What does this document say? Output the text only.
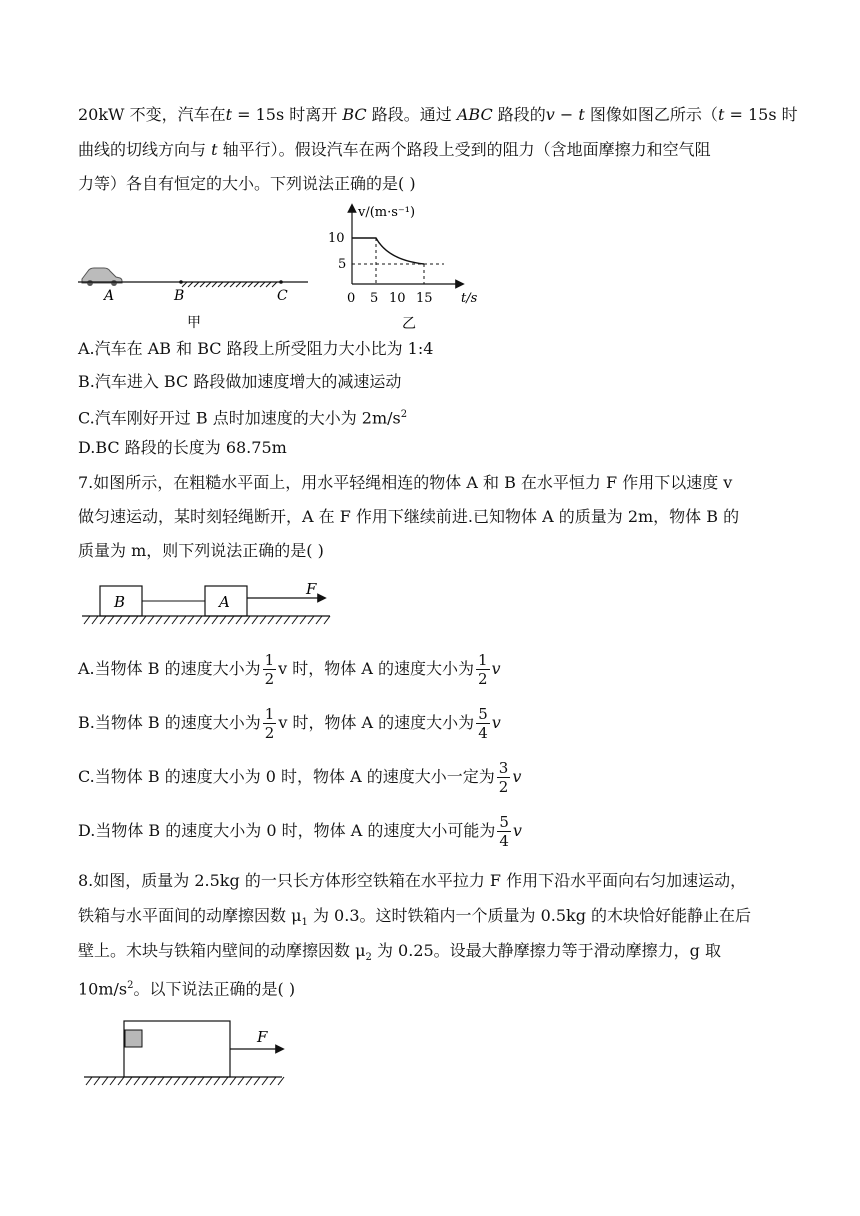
20kW 不变，汽车在t = 15s 时离开 BC 路段。通过 ABC 路段的v − t 图像如图乙所示（t = 15s 时
曲线的切线方向与 t 轴平行）。假设汽车在两个路段上受到的阻力（含地面摩擦力和空气阻
力等）各自有恒定的大小。下列说法正确的是( )
A	B	C
甲
v/(m·s⁻¹)
t/s
10
5
0 5 10 15
乙
A.汽车在 AB 和 BC 路段上所受阻力大小比为 1:4
B.汽车进入 BC 路段做加速度增大的减速运动
C.汽车刚好开过 B 点时加速度的大小为 $2m/s^2$
D.BC 路段的长度为 68.75m
7.如图所示，在粗糙水平面上，用水平轻绳相连的物体 A 和 B 在水平恒力 F 作用下以速度 v
做匀速运动，某时刻轻绳断开，A 在 F 作用下继续前进.已知物体 A 的质量为 2m，物体 B 的
质量为 m，则下列说法正确的是( )
B	A
F
A.当物体 B 的速度大小为 $\frac{1}{2}$ v 时，物体 A 的速度大小为 $\frac{1}{2}$ v
B.当物体 B 的速度大小为 $\frac{1}{2}$ v 时，物体 A 的速度大小为 $\frac{5}{4}$ v
C.当物体 B 的速度大小为 0 时，物体 A 的速度大小一定为 $\frac{3}{2}$ v
D.当物体 B 的速度大小为 0 时，物体 A 的速度大小可能为 $\frac{5}{4}$ v
8.如图，质量为 2.5kg 的一只长方体形空铁箱在水平拉力 F 作用下沿水平面向右匀加速运动，
铁箱与水平面间的动摩擦因数 $\mu_1$ 为 0.3。这时铁箱内一个质量为 0.5kg 的木块恰好能静止在后
壁上。木块与铁箱内壁间的动摩擦因数 $\mu_2$ 为 0.25。设最大静摩擦力等于滑动摩擦力，g 取
$10m/s^2$。以下说法正确的是( )
F
